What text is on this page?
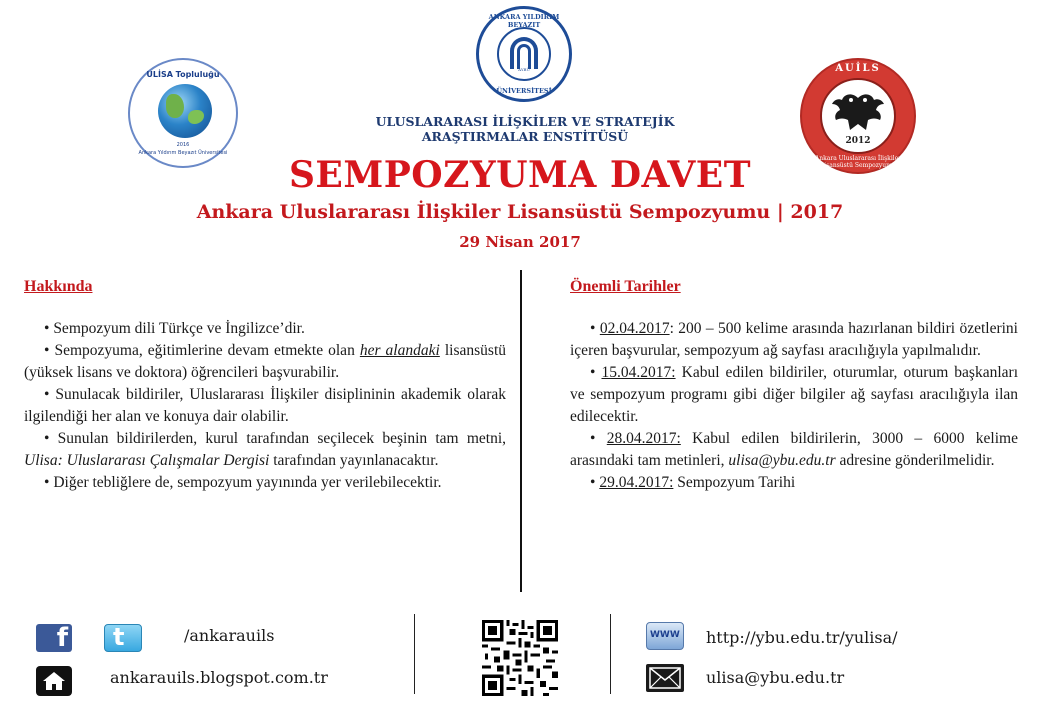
ULİSA Topluluğu
2016
Ankara Yıldırım Beyazıt Üniversitesi
ANKARA YILDIRIM BEYAZIT
AYBÜ
ÜNİVERSİTESİ
ULUSLARARASI İLİŞKİLER VE STRATEJİK
ARAŞTIRMALAR ENSTİTÜSÜ
AUİLS
2012
Ankara Uluslararası İlişkiler Lisansüstü Sempozyumu
SEMPOZYUMA DAVET
Ankara Uluslararası İlişkiler Lisansüstü Sempozyumu | 2017
29 Nisan 2017
Hakkında

• Sempozyum dili Türkçe ve İngilizce’dir.

• Sempozyuma, eğitimlerine devam etmekte olan her alandaki lisansüstü (yüksek lisans ve doktora) öğrencileri başvurabilir.

• Sunulacak bildiriler, Uluslararası İlişkiler disiplininin akademik olarak ilgilendiği her alan ve konuya dair olabilir.

• Sunulan bildirilerden, kurul tarafından seçilecek beşinin tam metni, Ulisa: Uluslararası Çalışmalar Dergisi tarafından yayınlanacaktır.

• Diğer tebliğlere de, sempozyum yayınında yer verilebilecektir.

Önemli Tarihler

• 02.04.2017: 200 – 500 kelime arasında hazırlanan bildiri özetlerini içeren başvurular, sempozyum ağ sayfası aracılığıyla yapılmalıdır.

• 15.04.2017: Kabul edilen bildiriler, oturumlar, oturum başkanları ve sempozyum programı gibi diğer bilgiler ağ sayfası aracılığıyla ilan edilecektir.

• 28.04.2017: Kabul edilen bildirilerin, 3000 – 6000 kelime arasındaki tam metinleri, ulisa@ybu.edu.tr adresine gönderilmelidir.

• 29.04.2017: Sempozyum Tarihi

f t	/ankarauils
ankarauils.blogspot.com.tr
WWW http://ybu.edu.tr/yulisa/
ulisa@ybu.edu.tr
